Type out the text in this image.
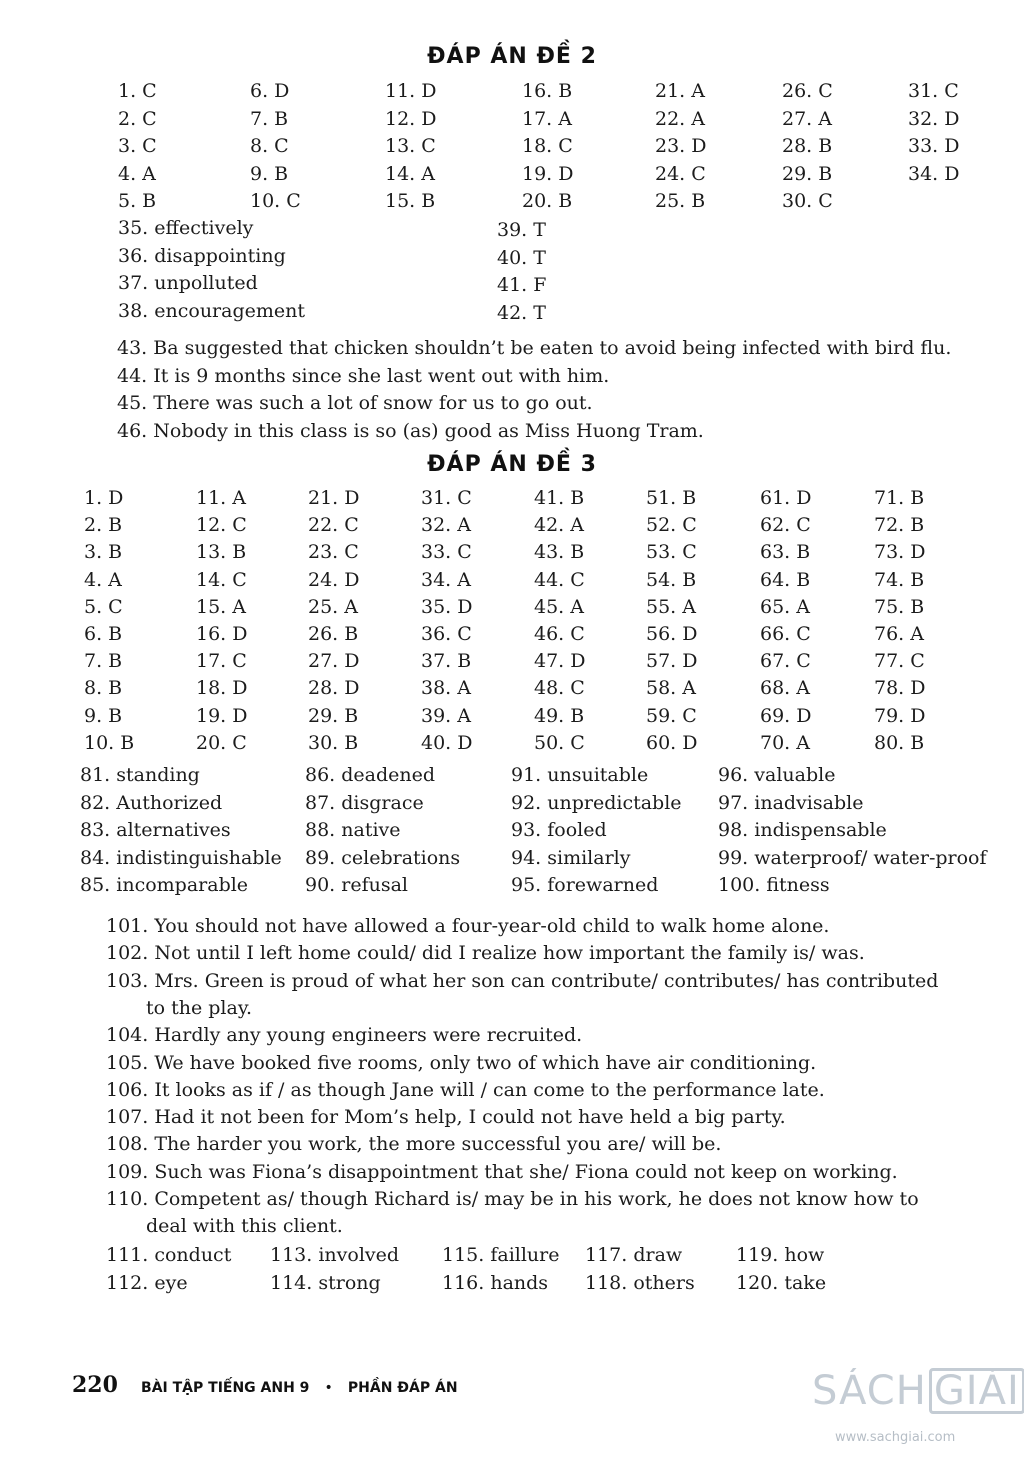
ĐÁP ÁN ĐỀ 2
1. C
2. C
3. C
4. A
5. B
6. D
7. B
8. C
9. B
10. C
11. D
12. D
13. C
14. A
15. B
16. B
17. A
18. C
19. D
20. B
21. A
22. A
23. D
24. C
25. B
26. C
27. A
28. B
29. B
30. C
31. C
32. D
33. D
34. D
35. effectively
36. disappointing
37. unpolluted
38. encouragement
39. T
40. T
41. F
42. T
43. Ba suggested that chicken shouldn’t be eaten to avoid being infected with bird flu.
44. It is 9 months since she last went out with him.
45. There was such a lot of snow for us to go out.
46. Nobody in this class is so (as) good as Miss Huong Tram.
ĐÁP ÁN ĐỀ 3
1. D
2. B
3. B
4. A
5. C
6. B
7. B
8. B
9. B
10. B
11. A
12. C
13. B
14. C
15. A
16. D
17. C
18. D
19. D
20. C
21. D
22. C
23. C
24. D
25. A
26. B
27. D
28. D
29. B
30. B
31. C
32. A
33. C
34. A
35. D
36. C
37. B
38. A
39. A
40. D
41. B
42. A
43. B
44. C
45. A
46. C
47. D
48. C
49. B
50. C
51. B
52. C
53. C
54. B
55. A
56. D
57. D
58. A
59. C
60. D
61. D
62. C
63. B
64. B
65. A
66. C
67. C
68. A
69. D
70. A
71. B
72. B
73. D
74. B
75. B
76. A
77. C
78. D
79. D
80. B
81. standing
82. Authorized
83. alternatives
84. indistinguishable
85. incomparable
86. deadened
87. disgrace
88. native
89. celebrations
90. refusal
91. unsuitable
92. unpredictable
93. fooled
94. similarly
95. forewarned
96. valuable
97. inadvisable
98. indispensable
99. waterproof/ water-proof
100. fitness
101. You should not have allowed a four-year-old child to walk home alone.
102. Not until I left home could/ did I realize how important the family is/ was.
103. Mrs. Green is proud of what her son can contribute/ contributes/ has contributed
to the play.
104. Hardly any young engineers were recruited.
105. We have booked five rooms, only two of which have air conditioning.
106. It looks as if / as though Jane will / can come to the performance late.
107. Had it not been for Mom’s help, I could not have held a big party.
108. The harder you work, the more successful you are/ will be.
109. Such was Fiona’s disappointment that she/ Fiona could not keep on working.
110. Competent as/ though Richard is/ may be in his work, he does not know how to
deal with this client.
111. conduct
112. eye
113. involved
114. strong
115. faillure
116. hands
117. draw
118. others
119. how
120. take
220 BÀI TẬP TIẾNG ANH 9 • PHẦN ĐÁP ÁN	SÁCH GIẢI
www.sachgiai.com
